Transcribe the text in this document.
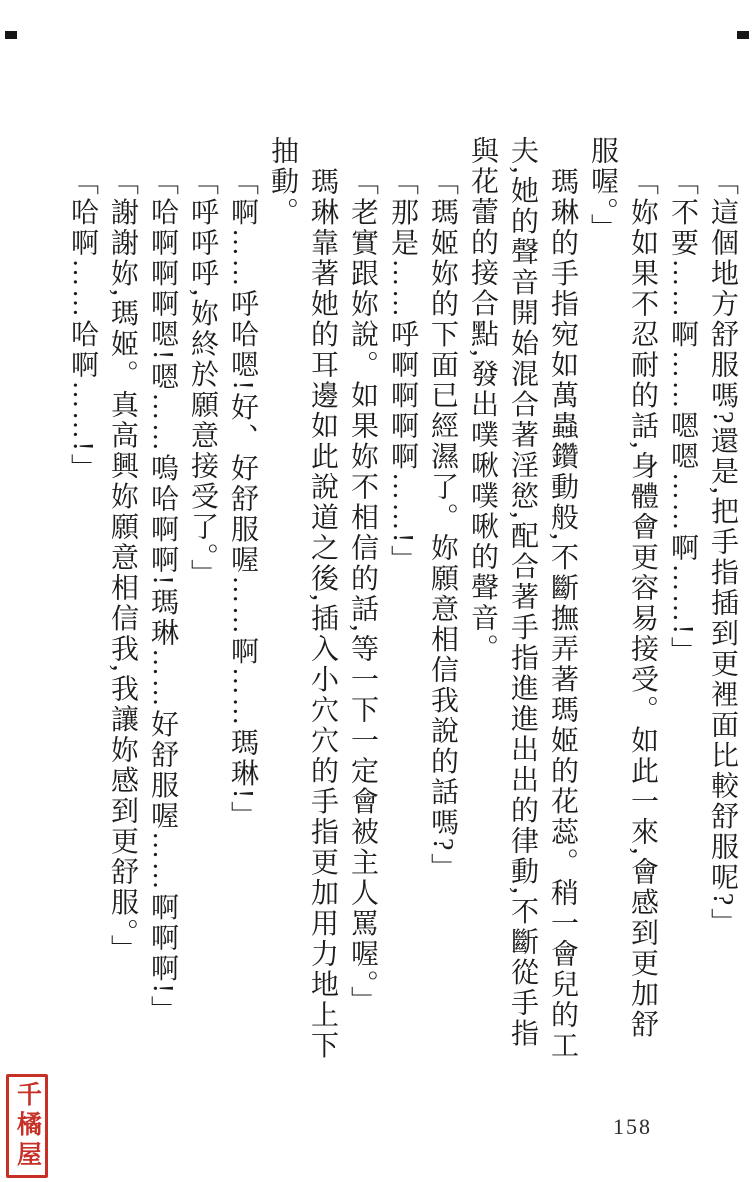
「這個地方舒服嗎?還是,把手指插到更裡面比較舒服呢?」

「不要……啊……嗯嗯……啊……!」

「妳如果不忍耐的話,身體會更容易接受。如此一來,會感到更加舒服喔。」

瑪琳的手指宛如萬蟲鑽動般,不斷撫弄著瑪姬的花蕊。稍一會兒的工夫,她的聲音開始混合著淫慾,配合著手指進進出出的律動,不斷從手指與花蕾的接合點,發出噗啾噗啾的聲音。

「瑪姬妳的下面已經濕了。妳願意相信我說的話嗎?」

「那是……呼啊啊啊啊……!」

「老實跟妳說。如果妳不相信的話,等一下一定會被主人罵喔。」

瑪琳靠著她的耳邊如此說道之後,插入小穴穴的手指更加用力地上下抽動。

「啊……呼哈嗯!好、好舒服喔……啊……瑪琳!」

「呼呼呼,妳終於願意接受了。」

「哈啊啊啊嗯!嗯……嗚哈啊啊!瑪琳……好舒服喔……啊啊啊!」

「謝謝妳,瑪姬。真高興妳願意相信我,我讓妳感到更舒服。」

「哈啊……哈啊……!」

千橘屋	158
